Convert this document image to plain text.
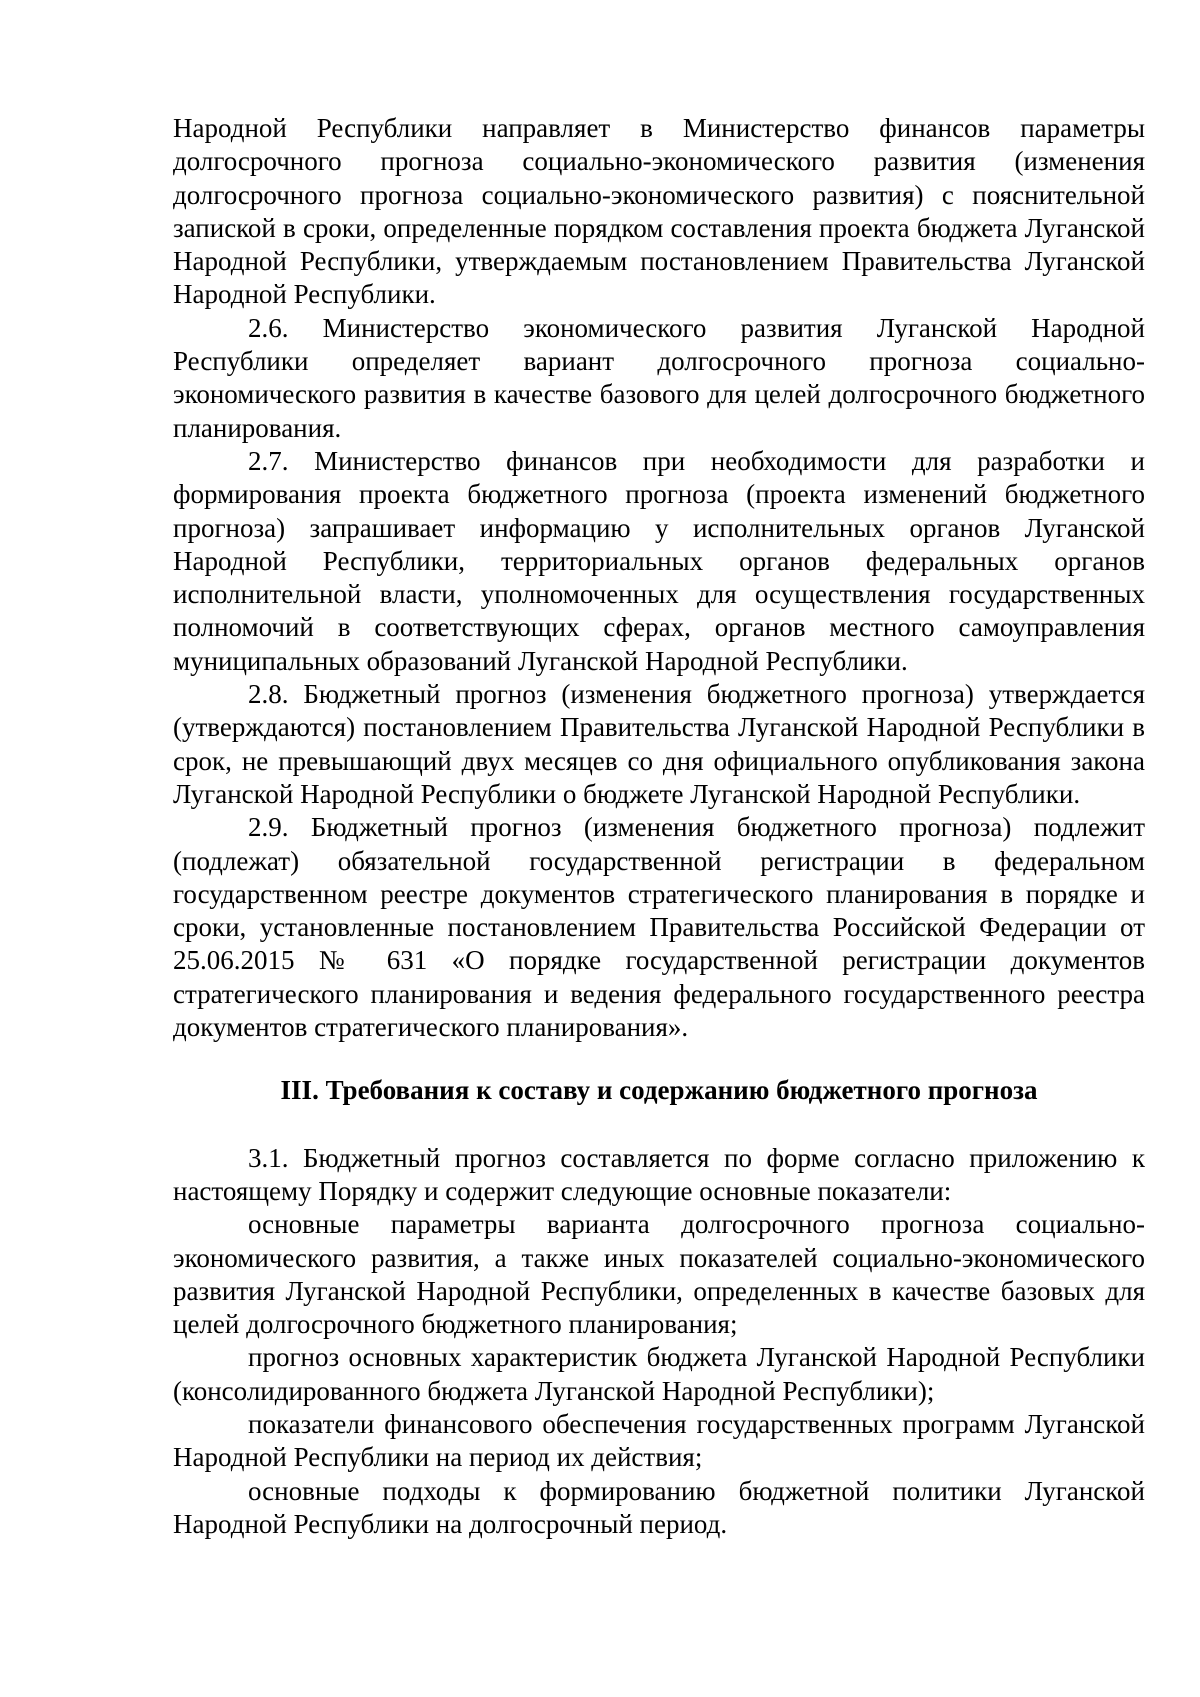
Народной Республики направляет в Министерство финансов параметры долгосрочного прогноза социально-экономического развития (изменения долгосрочного прогноза социально-экономического развития) с пояснительной запиской в сроки, определенные порядком составления проекта бюджета Луганской Народной Республики, утверждаемым постановлением Правительства Луганской Народной Республики.

2.6. Министерство экономического развития Луганской Народной Республики определяет вариант долгосрочного прогноза социально-экономического развития в качестве базового для целей долгосрочного бюджетного планирования.

2.7. Министерство финансов при необходимости для разработки и формирования проекта бюджетного прогноза (проекта изменений бюджетного прогноза) запрашивает информацию у исполнительных органов Луганской Народной Республики, территориальных органов федеральных органов исполнительной власти, уполномоченных для осуществления государственных полномочий в соответствующих сферах, органов местного самоуправления муниципальных образований Луганской Народной Республики.

2.8. Бюджетный прогноз (изменения бюджетного прогноза) утверждается (утверждаются) постановлением Правительства Луганской Народной Республики в срок, не превышающий двух месяцев со дня официального опубликования закона Луганской Народной Республики о бюджете Луганской Народной Республики.

2.9. Бюджетный прогноз (изменения бюджетного прогноза) подлежит (подлежат) обязательной государственной регистрации в федеральном государственном реестре документов стратегического планирования в порядке и сроки, установленные постановлением Правительства Российской Федерации от 25.06.2015 № 631 «О порядке государственной регистрации документов стратегического планирования и ведения федерального государственного реестра документов стратегического планирования».

III. Требования к составу и содержанию бюджетного прогноза

3.1. Бюджетный прогноз составляется по форме согласно приложению к настоящему Порядку и содержит следующие основные показатели:

основные параметры варианта долгосрочного прогноза социально-экономического развития, а также иных показателей социально-экономического развития Луганской Народной Республики, определенных в качестве базовых для целей долгосрочного бюджетного планирования;

прогноз основных характеристик бюджета Луганской Народной Республики (консолидированного бюджета Луганской Народной Республики);

показатели финансового обеспечения государственных программ Луганской Народной Республики на период их действия;

основные подходы к формированию бюджетной политики Луганской Народной Республики на долгосрочный период.
